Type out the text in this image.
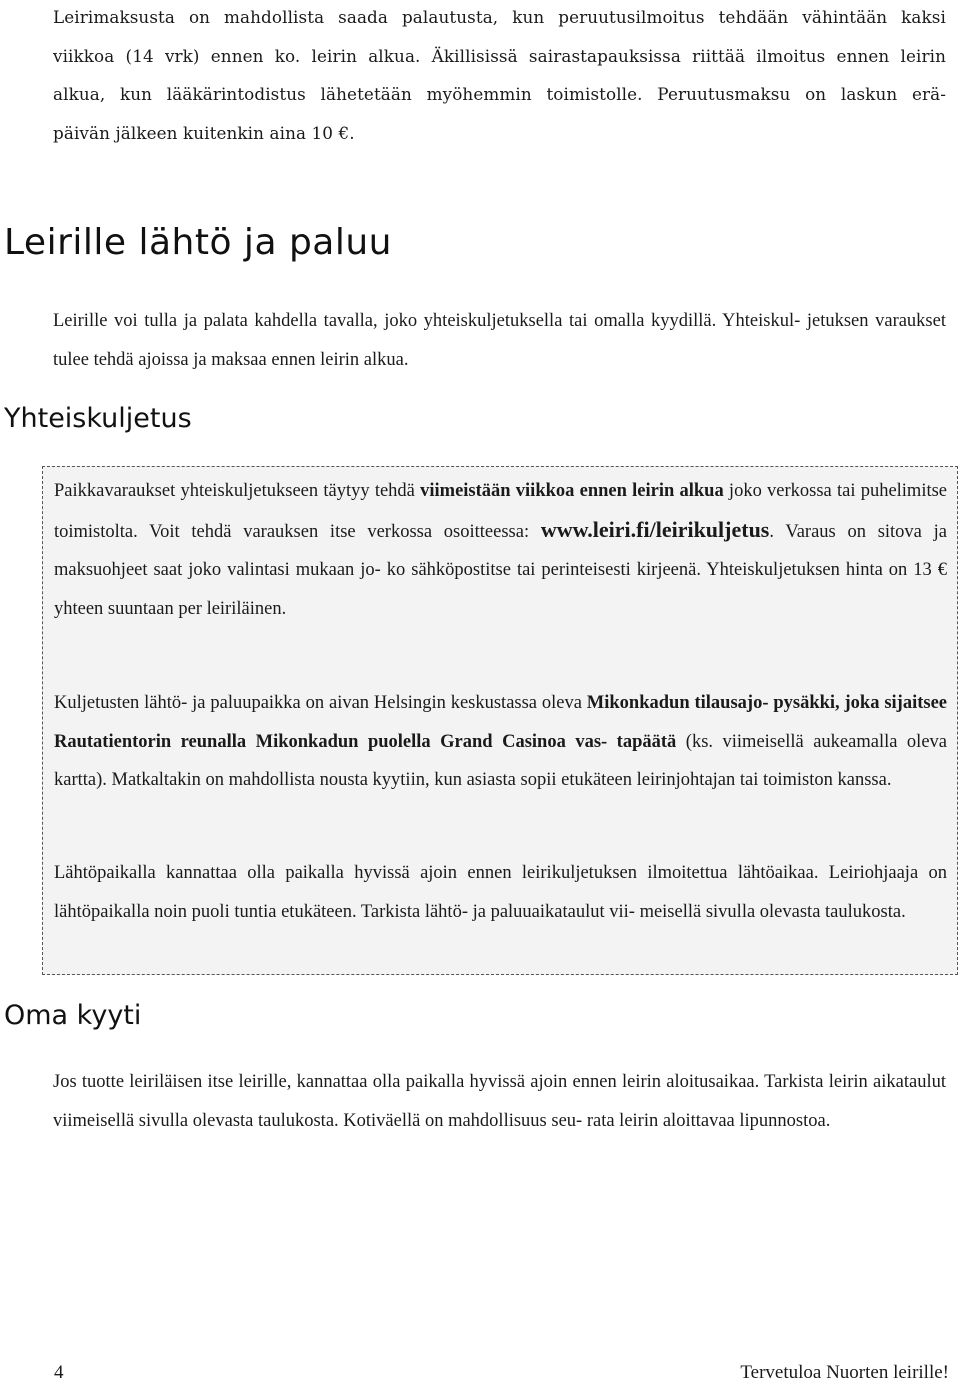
Leirimaksusta on mahdollista saada palautusta, kun peruutusilmoitus tehdään vähintään kaksi
viikkoa (14 vrk) ennen ko. leirin alkua. Äkillisissä sairastapauksissa riittää ilmoitus ennen leirin
alkua, kun lääkärintodistus lähetetään myöhemmin toimistolle. Peruutusmaksu on laskun erä-
päivän jälkeen kuitenkin aina 10 €.
Leirille lähtö ja paluu

Leirille voi tulla ja palata kahdella tavalla, joko yhteiskuljetuksella tai omalla kyydillä. Yhteiskul- jetuksen varaukset tulee tehdä ajoissa ja maksaa ennen leirin alkua.

Yhteiskuljetus

Paikkavaraukset yhteiskuljetukseen täytyy tehdä viimeistään viikkoa ennen leirin alkua joko verkossa tai puhelimitse toimistolta. Voit tehdä varauksen itse verkossa osoitteessa: www.leiri.fi/leirikuljetus. Varaus on sitova ja maksuohjeet saat joko valintasi mukaan jo- ko sähköpostitse tai perinteisesti kirjeenä. Yhteiskuljetuksen hinta on 13 € yhteen suuntaan per leiriläinen.

Kuljetusten lähtö- ja paluupaikka on aivan Helsingin keskustassa oleva Mikonkadun tilausajo- pysäkki, joka sijaitsee Rautatientorin reunalla Mikonkadun puolella Grand Casinoa vas- tapäätä (ks. viimeisellä aukeamalla oleva kartta). Matkaltakin on mahdollista nousta kyytiin, kun asiasta sopii etukäteen leirinjohtajan tai toimiston kanssa.

Lähtöpaikalla kannattaa olla paikalla hyvissä ajoin ennen leirikuljetuksen ilmoitettua lähtöaikaa. Leiriohjaaja on lähtöpaikalla noin puoli tuntia etukäteen. Tarkista lähtö- ja paluuaikataulut vii- meisellä sivulla olevasta taulukosta.

Oma kyyti

Jos tuotte leiriläisen itse leirille, kannattaa olla paikalla hyvissä ajoin ennen leirin aloitusaikaa. Tarkista leirin aikataulut viimeisellä sivulla olevasta taulukosta. Kotiväellä on mahdollisuus seu- rata leirin aloittavaa lipunnostoa.

4	Tervetuloa Nuorten leirille!
